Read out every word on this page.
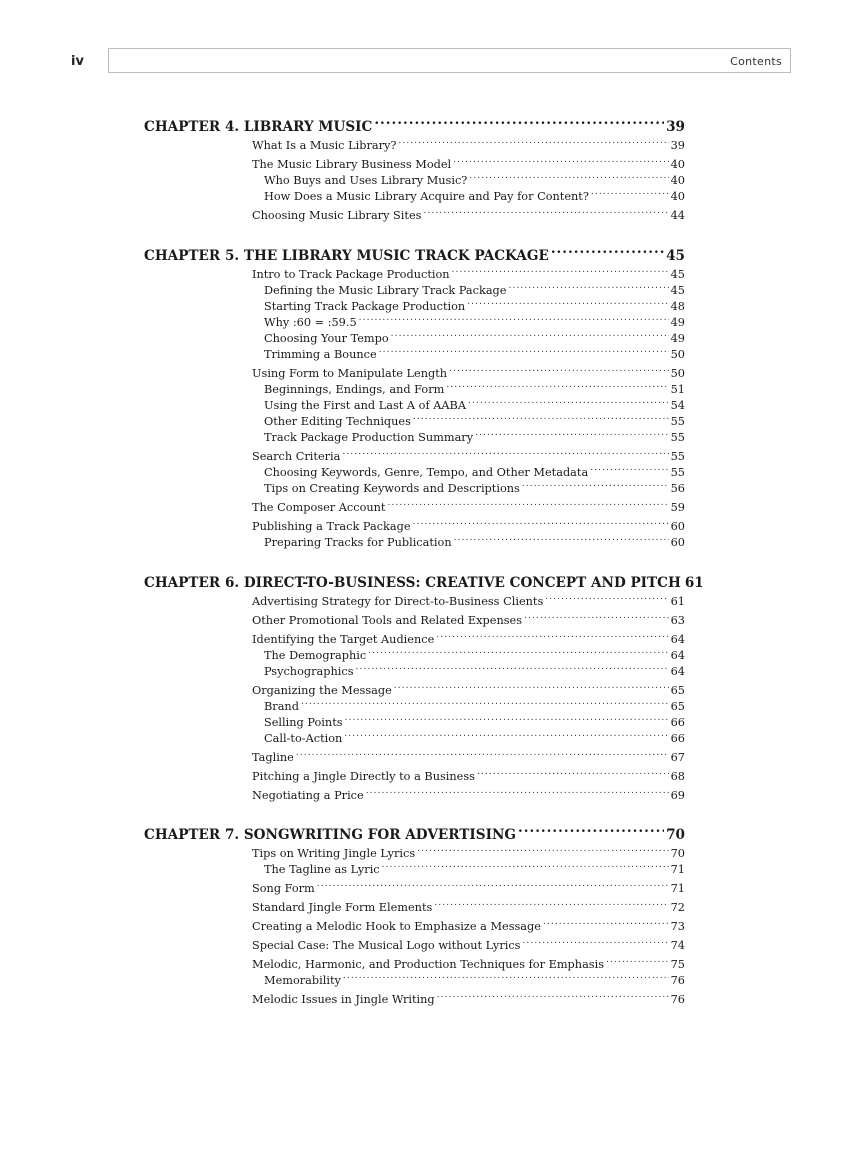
iv	Contents
CHAPTER 4. LIBRARY MUSIC .....	39
What Is a Music Library? .....	39
The Music Library Business Model .....	40
Who Buys and Uses Library Music? .....	40
How Does a Music Library Acquire and Pay for Content? .....	40
Choosing Music Library Sites .....	44
CHAPTER 5. THE LIBRARY MUSIC TRACK PACKAGE .....	45
Intro to Track Package Production .....	45
Defining the Music Library Track Package .....	45
Starting Track Package Production .....	48
Why :60 = :59.5 .....	49
Choosing Your Tempo .....	49
Trimming a Bounce .....	50
Using Form to Manipulate Length .....	50
Beginnings, Endings, and Form .....	51
Using the First and Last A of AABA .....	54
Other Editing Techniques .....	55
Track Package Production Summary .....	55
Search Criteria .....	55
Choosing Keywords, Genre, Tempo, and Other Metadata .....	55
Tips on Creating Keywords and Descriptions .....	56
The Composer Account .....	59
Publishing a Track Package .....	60
Preparing Tracks for Publication .....	60
CHAPTER 6. DIRECT-TO-BUSINESS: CREATIVE CONCEPT AND PITCH 61
Advertising Strategy for Direct-to-Business Clients .....	61
Other Promotional Tools and Related Expenses .....	63
Identifying the Target Audience .....	64
The Demographic .....	64
Psychographics .....	64
Organizing the Message .....	65
Brand .....	65
Selling Points .....	66
Call-to-Action .....	66
Tagline .....	67
Pitching a Jingle Directly to a Business .....	68
Negotiating a Price .....	69
CHAPTER 7. SONGWRITING FOR ADVERTISING .....	70
Tips on Writing Jingle Lyrics .....	70
The Tagline as Lyric .....	71
Song Form .....	71
Standard Jingle Form Elements .....	72
Creating a Melodic Hook to Emphasize a Message .....	73
Special Case: The Musical Logo without Lyrics .....	74
Melodic, Harmonic, and Production Techniques for Emphasis .....	75
Memorability .....	76
Melodic Issues in Jingle Writing .....	76
